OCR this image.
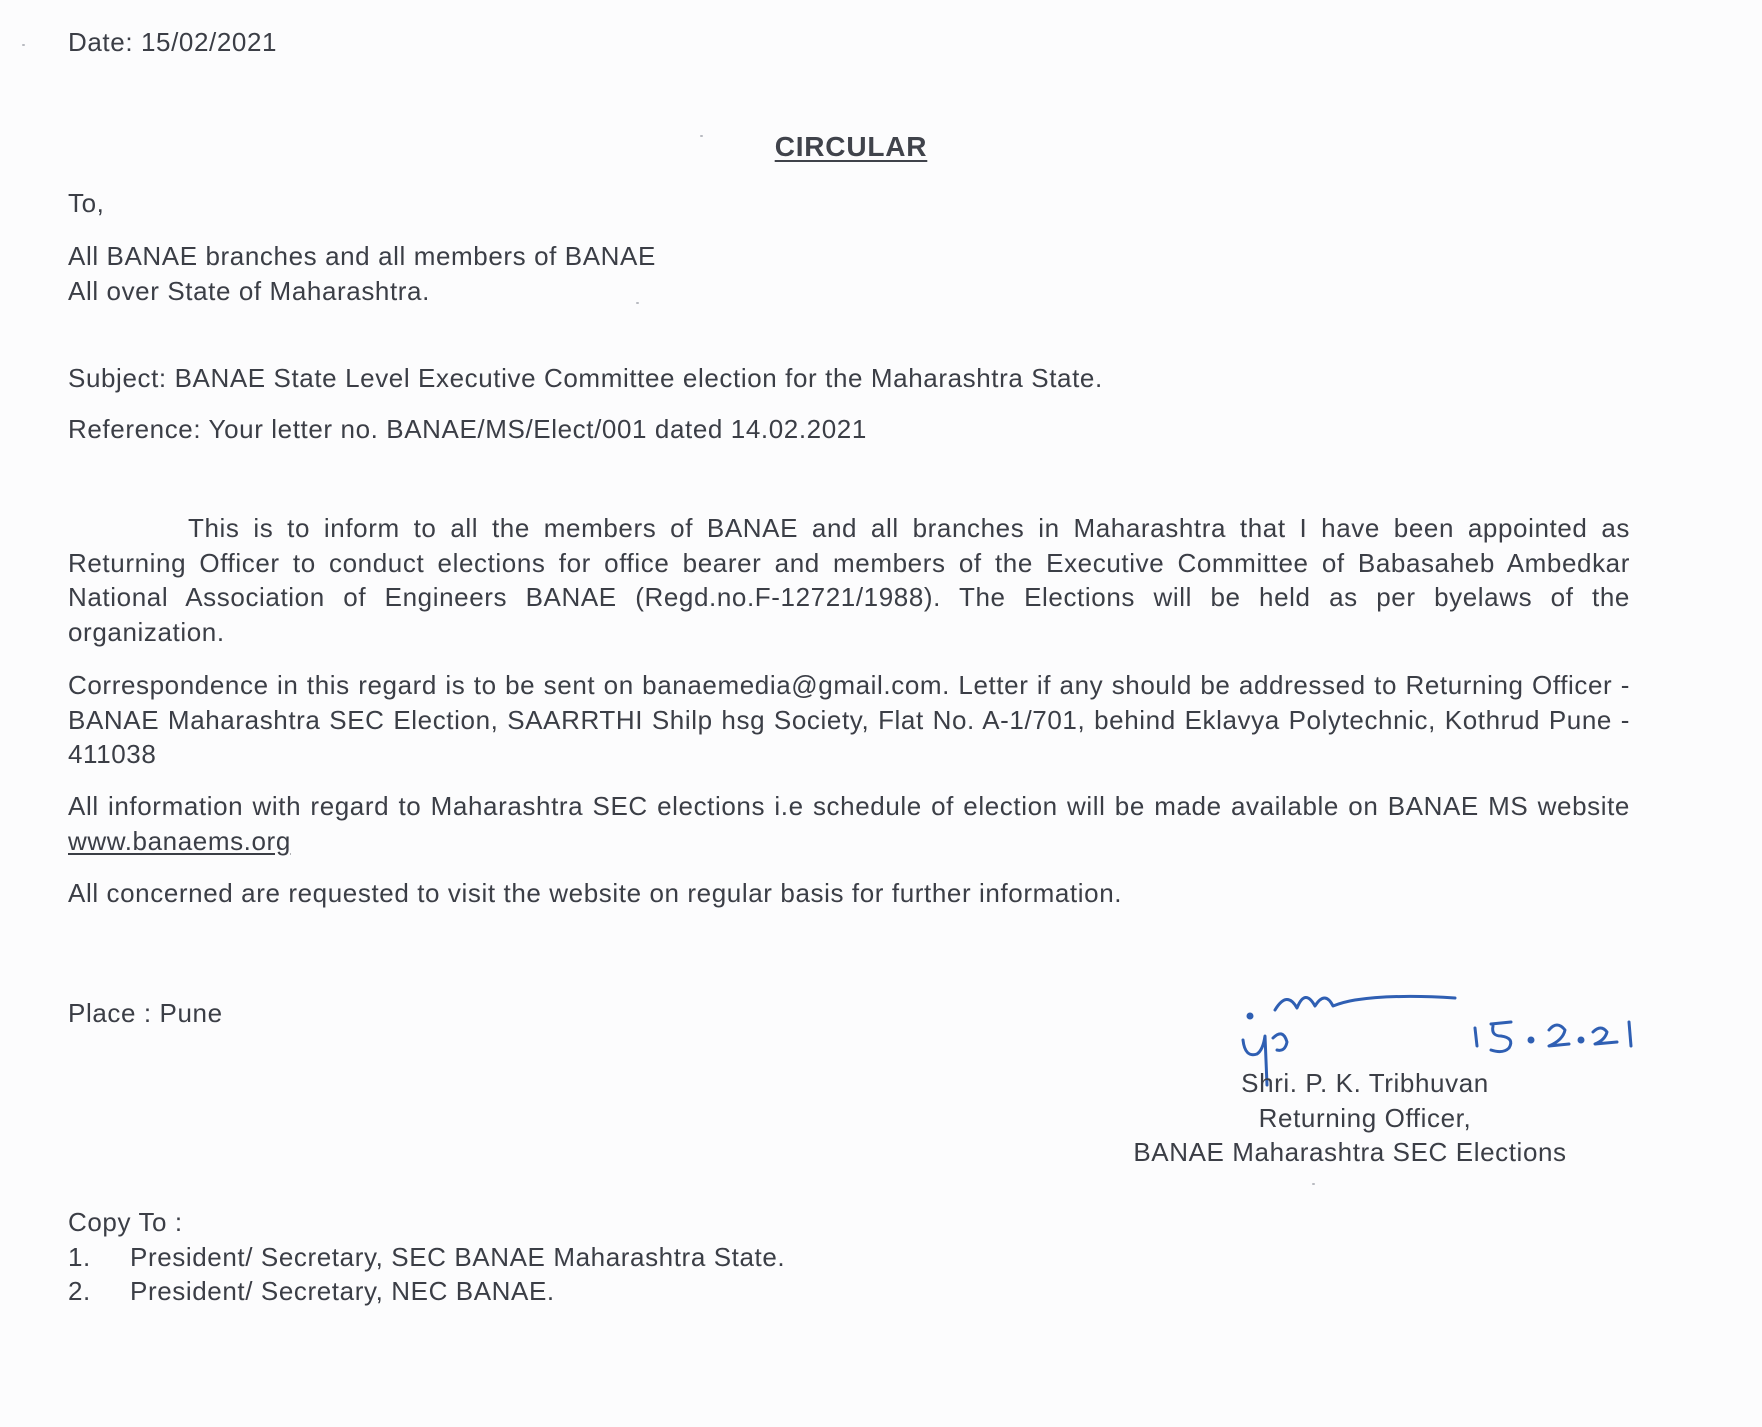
Date: 15/02/2021
CIRCULAR
To,
All BANAE branches and all members of BANAE
All over State of Maharashtra.
Subject: BANAE State Level Executive Committee election for the Maharashtra State.
Reference: Your letter no. BANAE/MS/Elect/001 dated 14.02.2021
This is to inform to all the members of BANAE and all branches in Maharashtra that I have been appointed as Returning Officer to conduct elections for office bearer and members of the Executive Committee of Babasaheb Ambedkar National Association of Engineers BANAE (Regd.no.F-12721/1988). The Elections will be held as per byelaws of the organization.
Correspondence in this regard is to be sent on banaemedia@gmail.com. Letter if any should be addressed to Returning Officer - BANAE Maharashtra SEC Election, SAARRTHI Shilp hsg Society, Flat No. A-1/701, behind Eklavya Polytechnic, Kothrud Pune - 411038
All information with regard to Maharashtra SEC elections i.e schedule of election will be made available on BANAE MS website www.banaems.org
All concerned are requested to visit the website on regular basis for further information.
Place : Pune
Shri. P. K. Tribhuvan
Returning Officer,
BANAE Maharashtra SEC Elections
Copy To :
1.	President/ Secretary, SEC BANAE Maharashtra State.
2.	President/ Secretary, NEC BANAE.
